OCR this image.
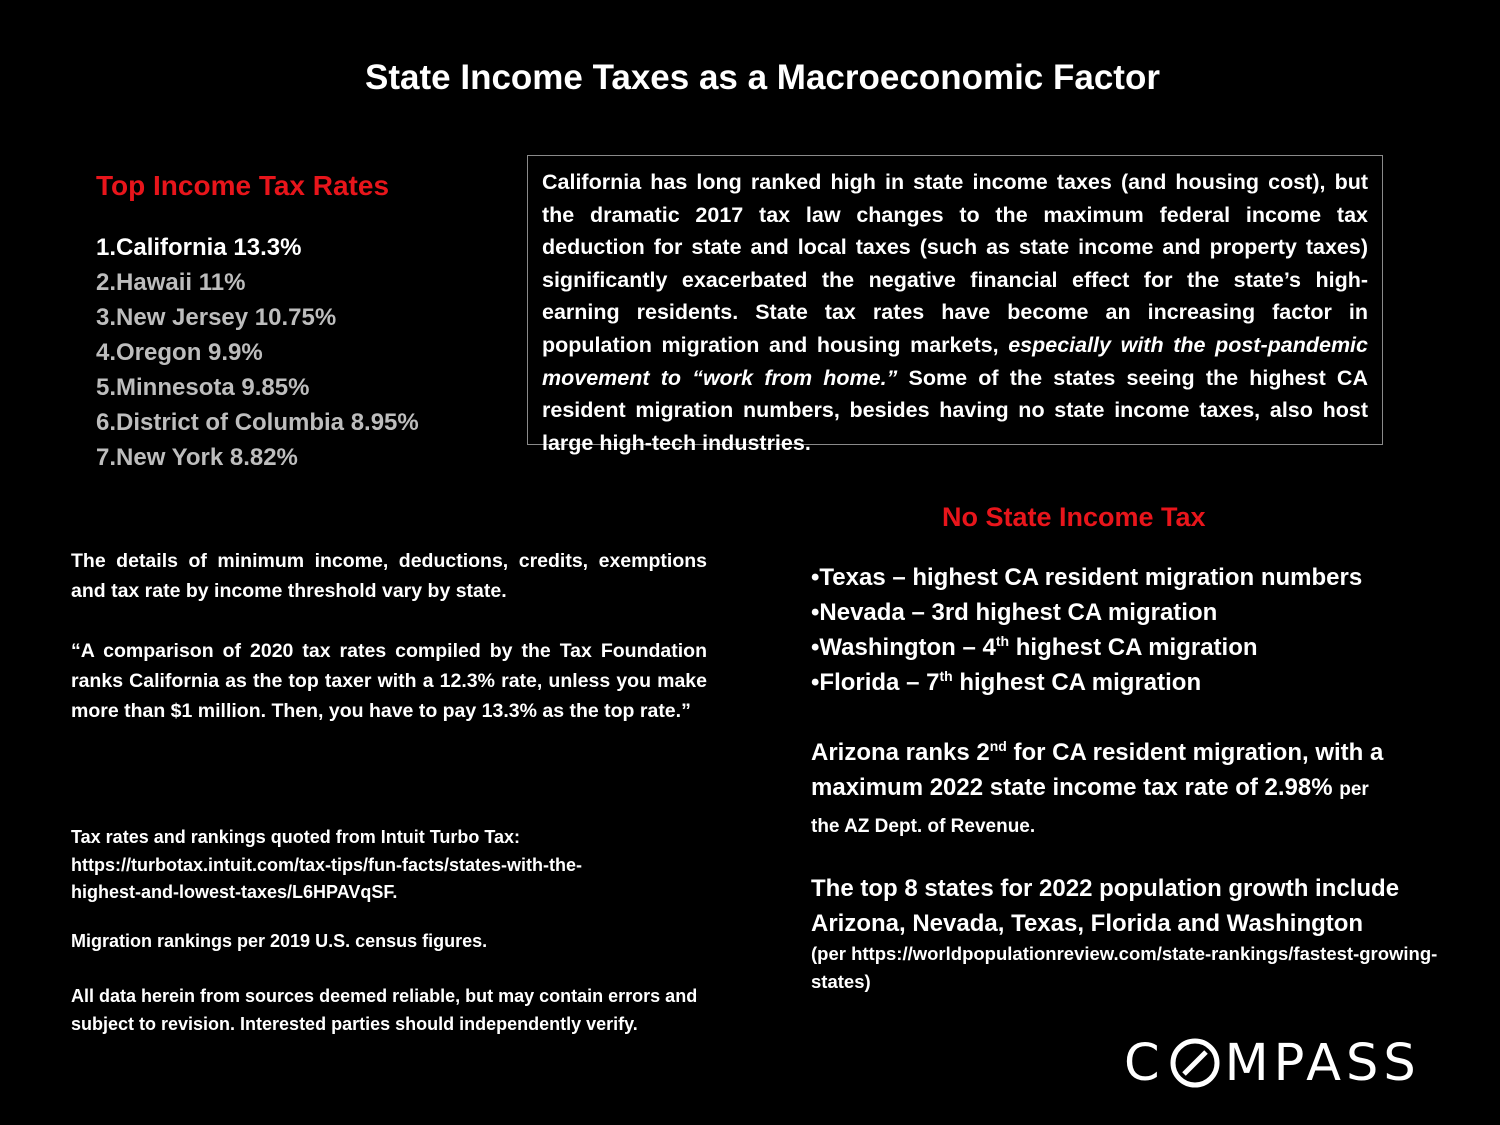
State Income Taxes as a Macroeconomic Factor
Top Income Tax Rates
1.California 13.3%
2.Hawaii 11%
3.New Jersey 10.75%
4.Oregon 9.9%
5.Minnesota 9.85%
6.District of Columbia 8.95%
7.New York 8.82%
California has long ranked high in state income taxes (and housing cost), but the dramatic 2017 tax law changes to the maximum federal income tax deduction for state and local taxes (such as state income and property taxes) significantly exacerbated the negative financial effect for the state’s high-earning residents. State tax rates have become an increasing factor in population migration and housing markets, especially with the post-pandemic movement to “work from home.” Some of the states seeing the highest CA resident migration numbers, besides having no state income taxes, also host large high-tech industries.
The details of minimum income, deductions, credits, exemptions and tax rate by income threshold vary by state.
“A comparison of 2020 tax rates compiled by the Tax Foundation ranks California as the top taxer with a 12.3% rate, unless you make more than $1 million. Then, you have to pay 13.3% as the top rate.”
Tax rates and rankings quoted from Intuit Turbo Tax:
https://turbotax.intuit.com/tax-tips/fun-facts/states-with-the-
highest-and-lowest-taxes/L6HPAVqSF.
Migration rankings per 2019 U.S. census figures.
All data herein from sources deemed reliable, but may contain errors and subject to revision. Interested parties should independently verify.
No State Income Tax
•Texas – highest CA resident migration numbers
•Nevada – 3rd highest CA migration
•Washington – 4th highest CA migration
•Florida – 7th highest CA migration
Arizona ranks 2nd for CA resident migration, with a maximum 2022 state income tax rate of 2.98% per
the AZ Dept. of Revenue.
The top 8 states for 2022 population growth include Arizona, Nevada, Texas, Florida and Washington
(per https://worldpopulationreview.com/state-rankings/fastest-growing-states)
C MPASS
